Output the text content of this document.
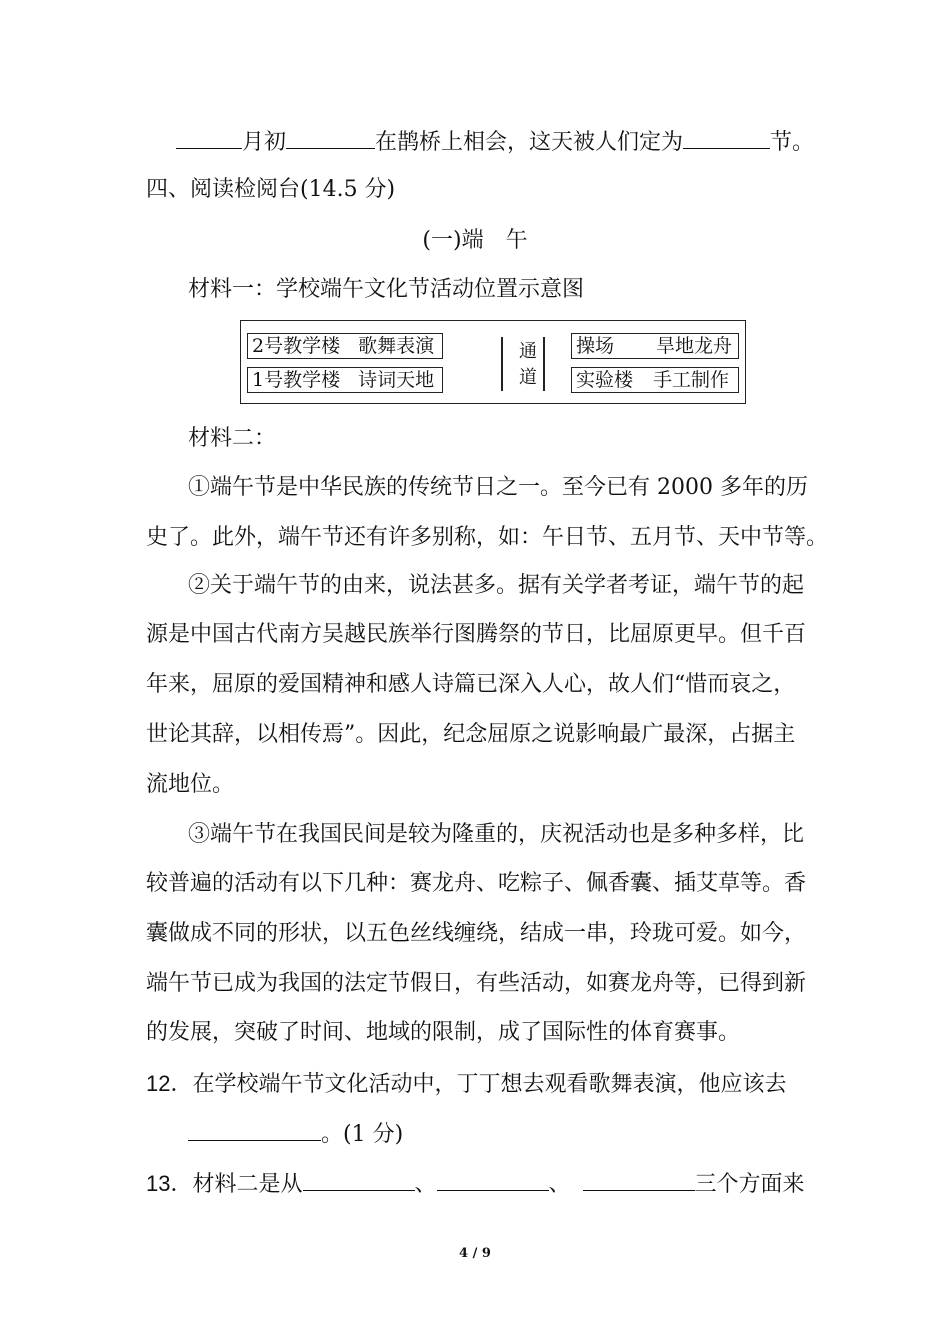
月初	在鹊桥上相会，这天被人们定为	节。
四、阅读检阅台(14.5 分)
(一)端　午
材料一：学校端午文化节活动位置示意图
2号教学楼 歌舞表演
1号教学楼 诗词天地
通
道
操场 旱地龙舟
实验楼 手工制作
材料二：
①端午节是中华民族的传统节日之一。至今已有 2000 多年的历
史了。此外，端午节还有许多别称，如：午日节、五月节、天中节等。
②关于端午节的由来，说法甚多。据有关学者考证，端午节的起
源是中国古代南方吴越民族举行图腾祭的节日，比屈原更早。但千百
年来，屈原的爱国精神和感人诗篇已深入人心，故人们“惜而哀之，
世论其辞，以相传焉”。因此，纪念屈原之说影响最广最深，占据主
流地位。
③端午节在我国民间是较为隆重的，庆祝活动也是多种多样，比
较普遍的活动有以下几种：赛龙舟、吃粽子、佩香囊、插艾草等。香
囊做成不同的形状，以五色丝线缠绕，结成一串，玲珑可爱。如今，
端午节已成为我国的法定节假日，有些活动，如赛龙舟等，已得到新
的发展，突破了时间、地域的限制，成了国际性的体育赛事。
12．在学校端午节文化活动中，丁丁想去观看歌舞表演，他应该去
。(1 分)
13．材料二是从	、	、	三个方面来
4 / 9
